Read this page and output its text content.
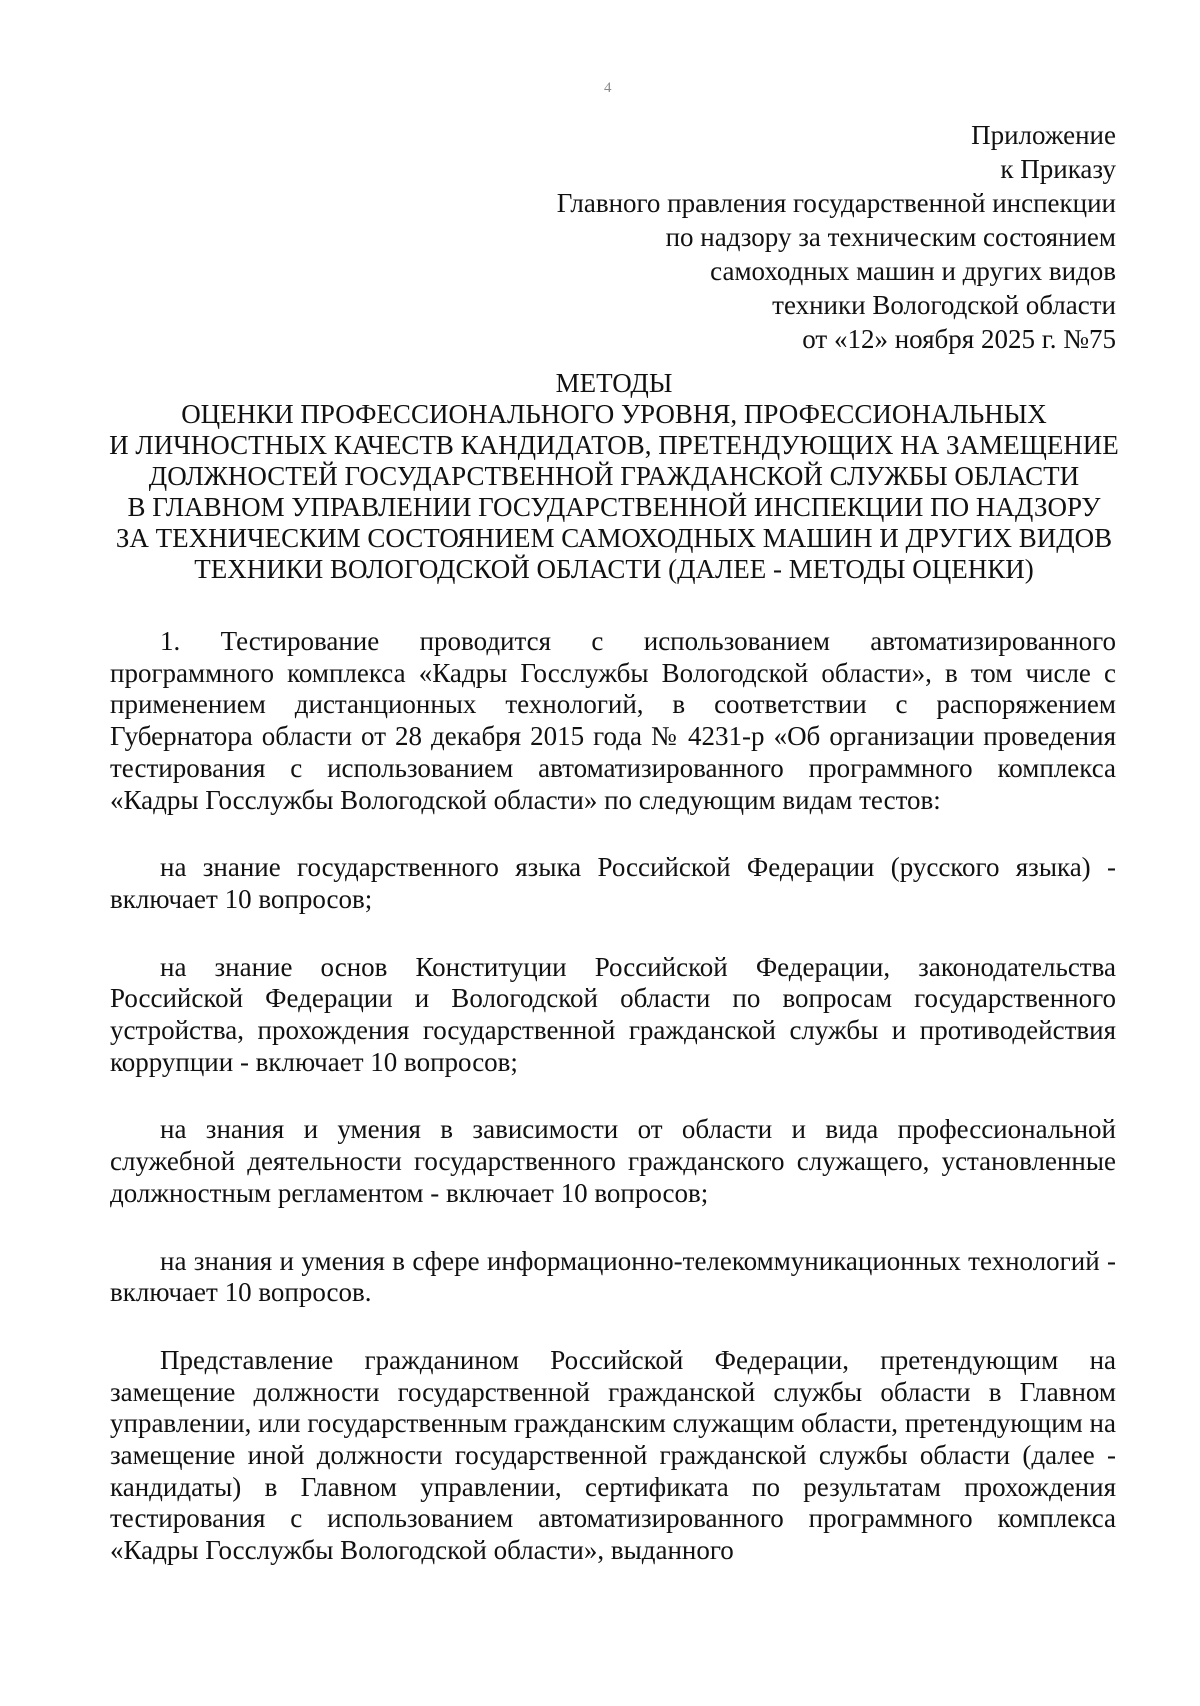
4
Приложение
к Приказу
Главного правления государственной инспекции
по надзору за техническим состоянием
самоходных машин и других видов
техники Вологодской области
от «12» ноября 2025 г. №75
МЕТОДЫ
ОЦЕНКИ ПРОФЕССИОНАЛЬНОГО УРОВНЯ, ПРОФЕССИОНАЛЬНЫХ
И ЛИЧНОСТНЫХ КАЧЕСТВ КАНДИДАТОВ, ПРЕТЕНДУЮЩИХ НА ЗАМЕЩЕНИЕ
ДОЛЖНОСТЕЙ ГОСУДАРСТВЕННОЙ ГРАЖДАНСКОЙ СЛУЖБЫ ОБЛАСТИ
В ГЛАВНОМ УПРАВЛЕНИИ ГОСУДАРСТВЕННОЙ ИНСПЕКЦИИ ПО НАДЗОРУ
ЗА ТЕХНИЧЕСКИМ СОСТОЯНИЕМ САМОХОДНЫХ МАШИН И ДРУГИХ ВИДОВ
ТЕХНИКИ ВОЛОГОДСКОЙ ОБЛАСТИ (ДАЛЕЕ - МЕТОДЫ ОЦЕНКИ)

1. Тестирование проводится с использованием автоматизированного программного комплекса «Кадры Госслужбы Вологодской области», в том числе с применением дистанционных технологий, в соответствии с распоряжением Губернатора области от 28 декабря 2015 года № 4231-р «Об организации проведения тестирования с использованием автоматизированного программного комплекса «Кадры Госслужбы Вологодской области» по следующим видам тестов:

на знание государственного языка Российской Федерации (русского языка) - включает 10 вопросов;

на знание основ Конституции Российской Федерации, законодательства Российской Федерации и Вологодской области по вопросам государственного устройства, прохождения государственной гражданской службы и противодействия коррупции - включает 10 вопросов;

на знания и умения в зависимости от области и вида профессиональной служебной деятельности государственного гражданского служащего, установленные должностным регламентом - включает 10 вопросов;

на знания и умения в сфере информационно-телекоммуникационных технологий - включает 10 вопросов.

Представление гражданином Российской Федерации, претендующим на замещение должности государственной гражданской службы области в Главном управлении, или государственным гражданским служащим области, претендующим на замещение иной должности государственной гражданской службы области (далее - кандидаты) в Главном управлении, сертификата по результатам прохождения тестирования с использованием автоматизированного программного комплекса «Кадры Госслужбы Вологодской области», выданного
